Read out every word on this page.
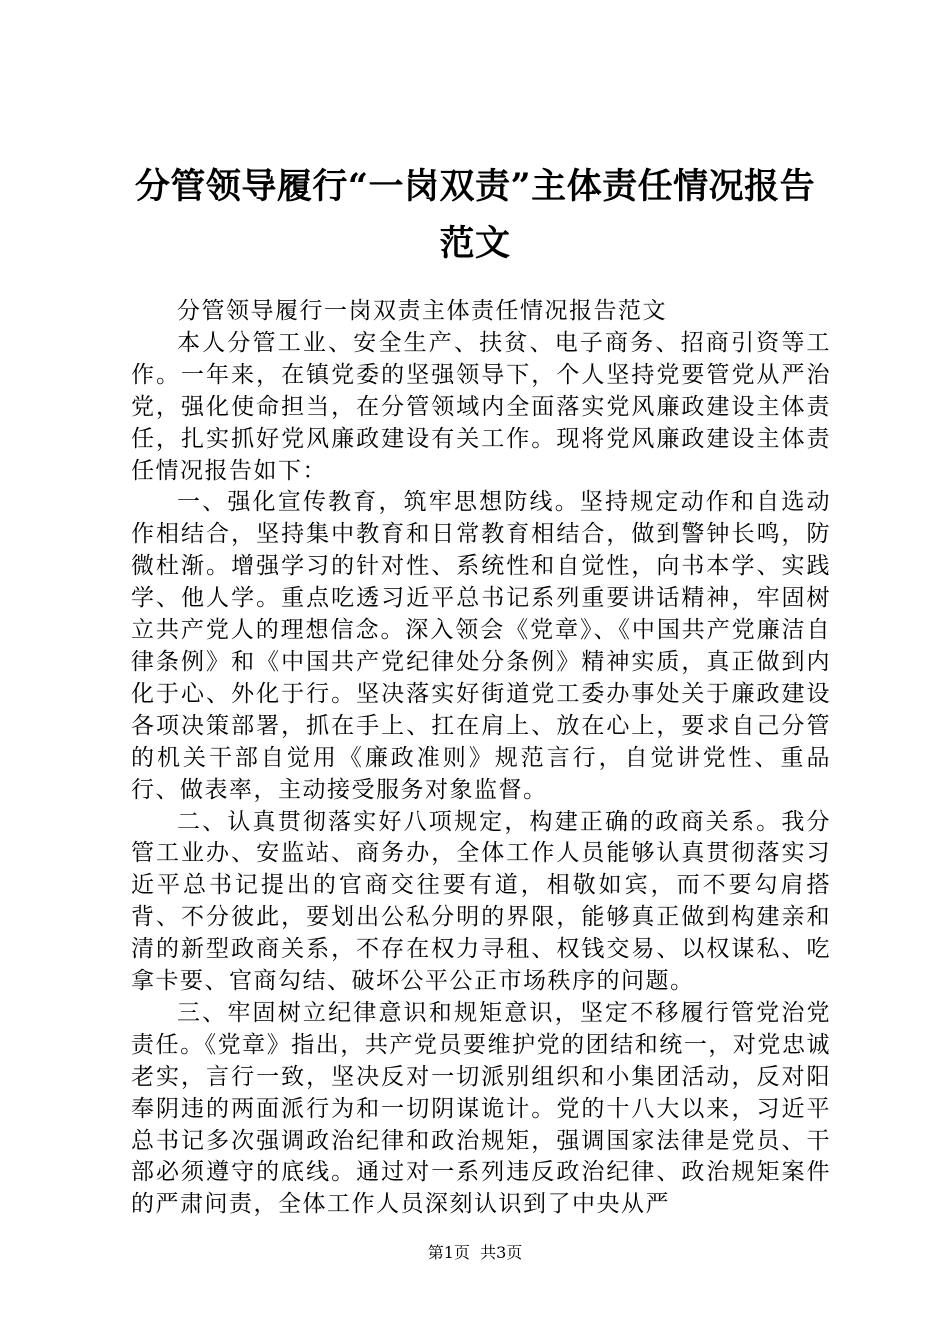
分管领导履行“一岗双责”主体责任情况报告范文

分管领导履行一岗双责主体责任情况报告范文

本人分管工业、安全生产、扶贫、电子商务、招商引资等工作。一年来，在镇党委的坚强领导下，个人坚持党要管党从严治党，强化使命担当，在分管领域内全面落实党风廉政建设主体责任，扎实抓好党风廉政建设有关工作。现将党风廉政建设主体责任情况报告如下：

一、强化宣传教育，筑牢思想防线。坚持规定动作和自选动作相结合，坚持集中教育和日常教育相结合，做到警钟长鸣，防微杜渐。增强学习的针对性、系统性和自觉性，向书本学、实践学、他人学。重点吃透习近平总书记系列重要讲话精神，牢固树立共产党人的理想信念。深入领会《党章》、《中国共产党廉洁自律条例》和《中国共产党纪律处分条例》精神实质，真正做到内化于心、外化于行。坚决落实好街道党工委办事处关于廉政建设各项决策部署，抓在手上、扛在肩上、放在心上，要求自己分管的机关干部自觉用《廉政准则》规范言行，自觉讲党性、重品行、做表率，主动接受服务对象监督。

二、认真贯彻落实好八项规定，构建正确的政商关系。我分管工业办、安监站、商务办，全体工作人员能够认真贯彻落实习近平总书记提出的官商交往要有道，相敬如宾，而不要勾肩搭背、不分彼此，要划出公私分明的界限，能够真正做到构建亲和清的新型政商关系，不存在权力寻租、权钱交易、以权谋私、吃拿卡要、官商勾结、破坏公平公正市场秩序的问题。

三、牢固树立纪律意识和规矩意识，坚定不移履行管党治党责任。《党章》指出，共产党员要维护党的团结和统一，对党忠诚老实，言行一致，坚决反对一切派别组织和小集团活动，反对阳奉阴违的两面派行为和一切阴谋诡计。党的十八大以来，习近平总书记多次强调政治纪律和政治规矩，强调国家法律是党员、干部必须遵守的底线。通过对一系列违反政治纪律、政治规矩案件的严肃问责，全体工作人员深刻认识到了中央从严

第1页  共3页
